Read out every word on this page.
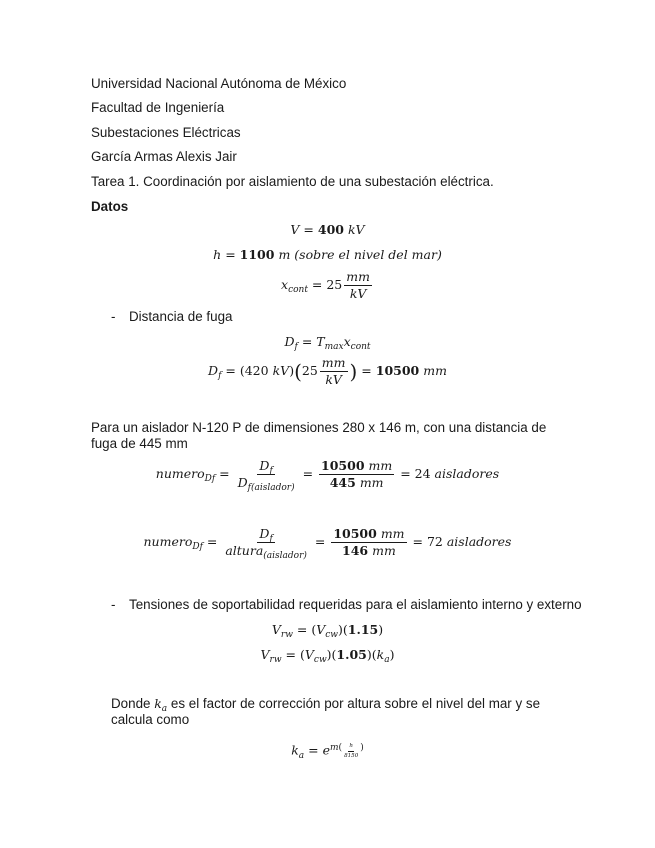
Universidad Nacional Autónoma de México
Facultad de Ingeniería
Subestaciones Eléctricas
García Armas Alexis Jair
Tarea 1. Coordinación por aislamiento de una subestación eléctrica.
Datos
V = 400 kV
h = 1100 m (sobre el nivel del mar)
$x_{cont} = 25 \frac{mm}{kV}$
- Distancia de fuga
$D_f = T_{max}x_{cont}$
$D_f = (420$ $kV)(25 \frac{mm}{kV}$ ) = 10500 mm
Para un aislador N-120 P de dimensiones 280 x 146 m, con una distancia de fuga de 445 mm
numero$_{Df}$ = $\frac{D_f}{D_{f(aislador)}} = \frac{10500 mm}{445 mm} = 24$ aisladores
numero$_{Df}$ = $\frac{D_f}{altura_{(aislador)}} = \frac{10500 mm}{146 mm} = 72$ aisladores
- Tensiones de soportabilidad requeridas para el aislamiento interno y externo
$V_{rw} = (V_{cw})(1.15)$
$V_{rw} = (V_{cw})(1.05)(k_a)$
Donde $k_a$ es el factor de corrección por altura sobre el nivel del mar y se calcula como
$k_a = e^{m( \frac{h}{8150} )}$
